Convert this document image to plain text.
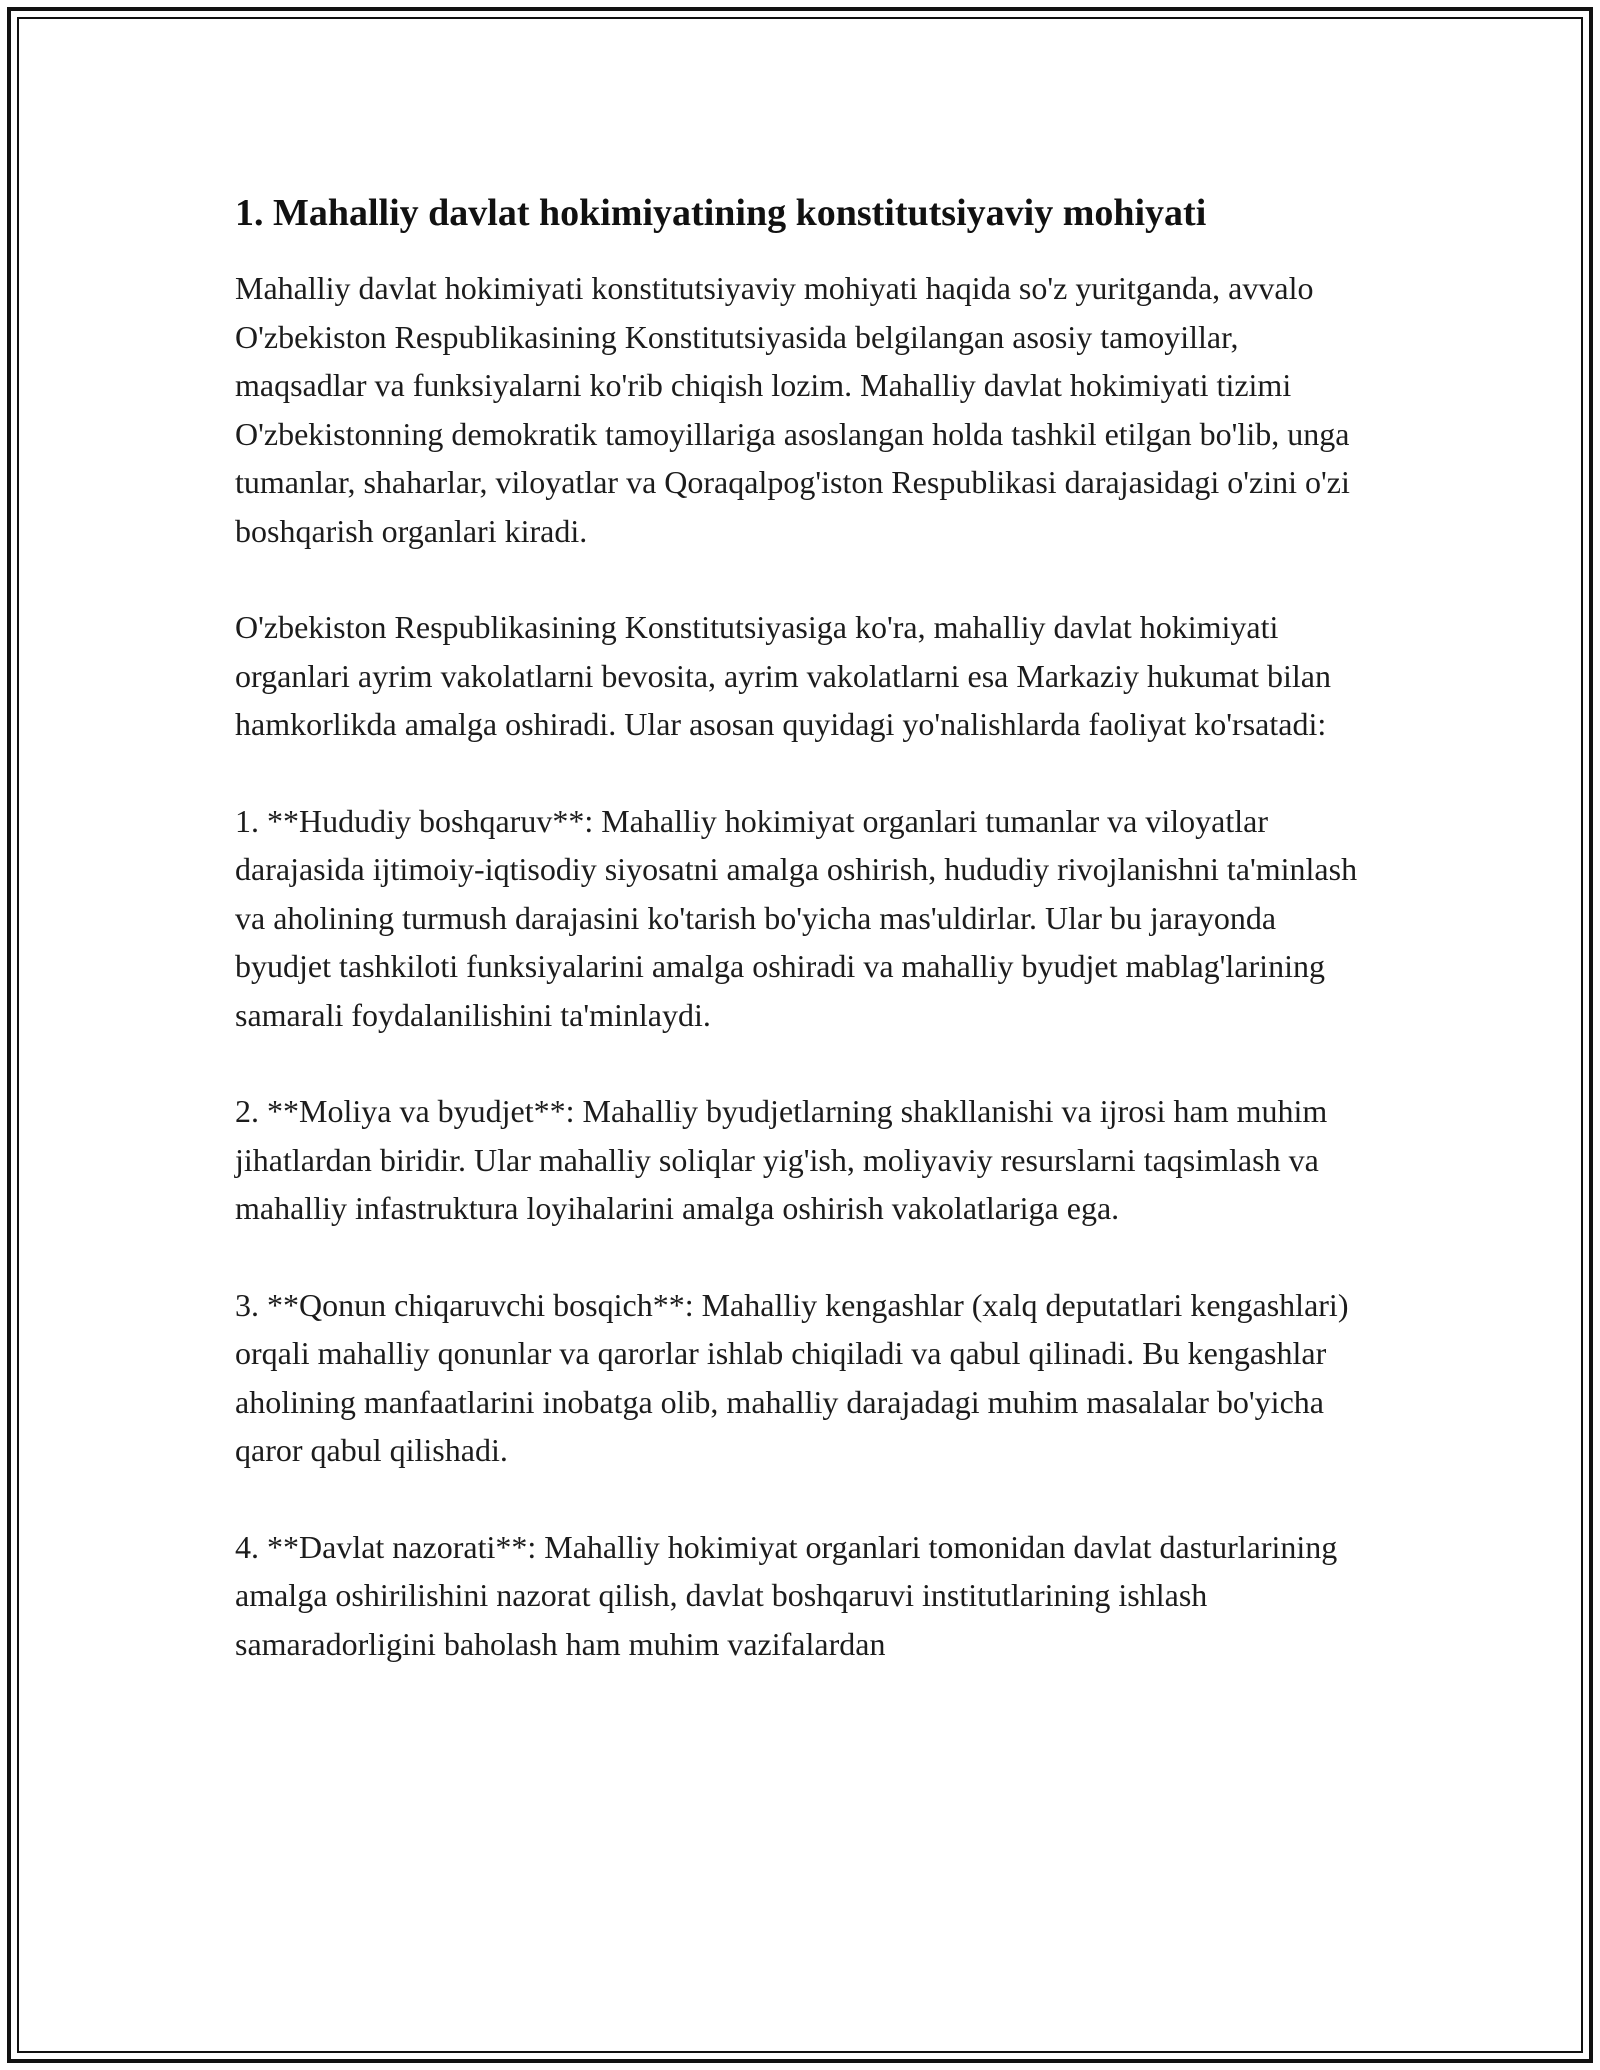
1. Mahalliy davlat hokimiyatining konstitutsiyaviy mohiyati

Mahalliy davlat hokimiyati konstitutsiyaviy mohiyati haqida so'z yuritganda, avvalo O'zbekiston Respublikasining Konstitutsiyasida belgilangan asosiy tamoyillar, maqsadlar va funksiyalarni ko'rib chiqish lozim. Mahalliy davlat hokimiyati tizimi O'zbekistonning demokratik tamoyillariga asoslangan holda tashkil etilgan bo'lib, unga tumanlar, shaharlar, viloyatlar va Qoraqalpog'iston Respublikasi darajasidagi o'zini o'zi boshqarish organlari kiradi.

O'zbekiston Respublikasining Konstitutsiyasiga ko'ra, mahalliy davlat hokimiyati organlari ayrim vakolatlarni bevosita, ayrim vakolatlarni esa Markaziy hukumat bilan hamkorlikda amalga oshiradi. Ular asosan quyidagi yo'nalishlarda faoliyat ko'rsatadi:

1. **Hududiy boshqaruv**: Mahalliy hokimiyat organlari tumanlar va viloyatlar darajasida ijtimoiy-iqtisodiy siyosatni amalga oshirish, hududiy rivojlanishni ta'minlash va aholining turmush darajasini ko'tarish bo'yicha mas'uldirlar. Ular bu jarayonda byudjet tashkiloti funksiyalarini amalga oshiradi va mahalliy byudjet mablag'larining samarali foydalanilishini ta'minlaydi.

2. **Moliya va byudjet**: Mahalliy byudjetlarning shakllanishi va ijrosi ham muhim jihatlardan biridir. Ular mahalliy soliqlar yig'ish, moliyaviy resurslarni taqsimlash va mahalliy infastruktura loyihalarini amalga oshirish vakolatlariga ega.

3. **Qonun chiqaruvchi bosqich**: Mahalliy kengashlar (xalq deputatlari kengashlari) orqali mahalliy qonunlar va qarorlar ishlab chiqiladi va qabul qilinadi. Bu kengashlar aholining manfaatlarini inobatga olib, mahalliy darajadagi muhim masalalar bo'yicha qaror qabul qilishadi.

4. **Davlat nazorati**: Mahalliy hokimiyat organlari tomonidan davlat dasturlarining amalga oshirilishini nazorat qilish, davlat boshqaruvi institutlarining ishlash samaradorligini baholash ham muhim vazifalardan
